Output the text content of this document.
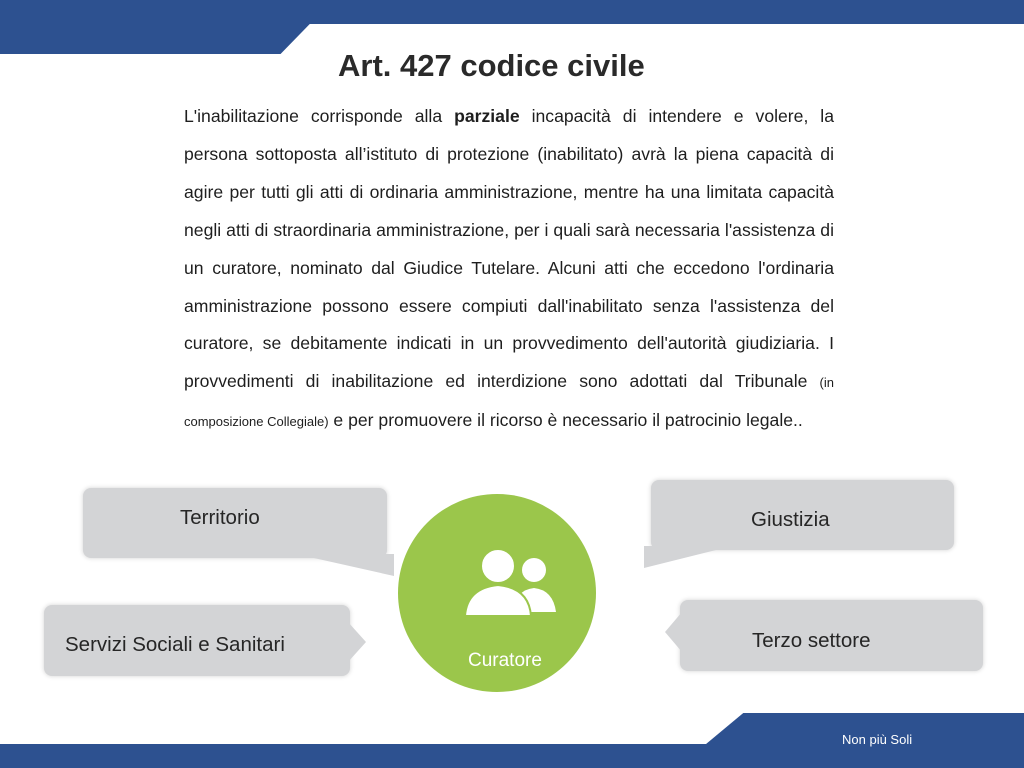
Art. 427 codice civile
L'inabilitazione corrisponde alla parziale incapacità di intendere e volere, la persona sottoposta all’istituto di protezione (inabilitato) avrà la piena capacità di agire per tutti gli atti di ordinaria amministrazione, mentre ha una limitata capacità negli atti di straordinaria amministrazione, per i quali sarà necessaria l'assistenza di un curatore, nominato dal Giudice Tutelare. Alcuni atti che eccedono l'ordinaria amministrazione possono essere compiuti dall'inabilitato senza l'assistenza del curatore, se debitamente indicati in un provvedimento dell'autorità giudiziaria. I provvedimenti di inabilitazione ed interdizione sono adottati dal Tribunale (in composizione Collegiale) e per promuovere il ricorso è necessario il patrocinio legale..
Territorio	Giustizia
Servizi Sociali e Sanitari	Terzo settore
Curatore
Non più Soli
